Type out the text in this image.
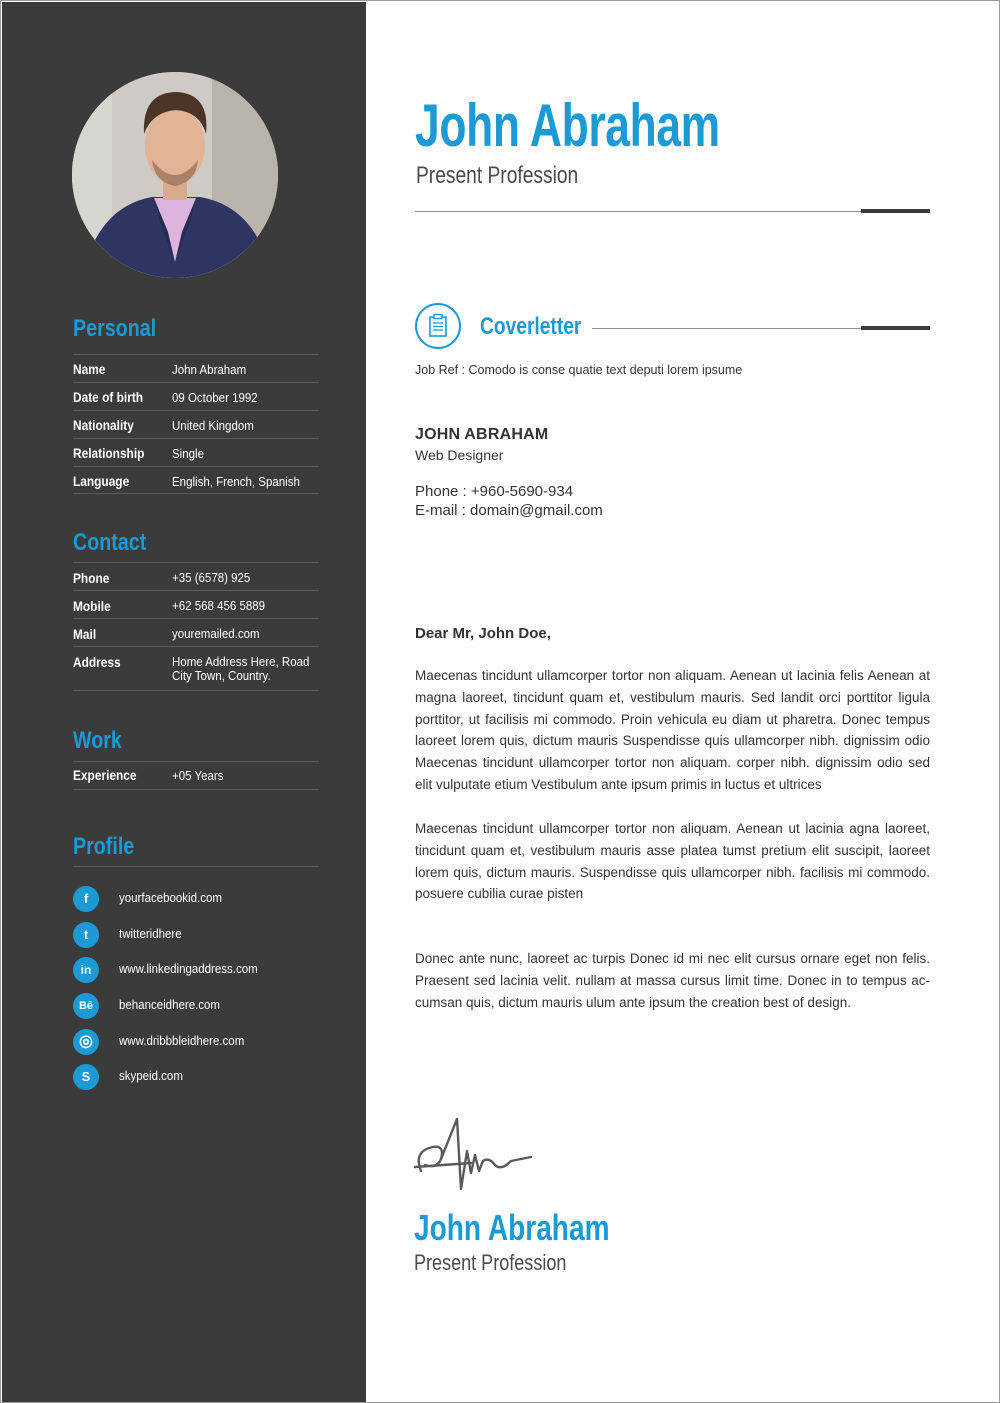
Personal
Name	John Abraham
Date of birth 09 October 1992
Nationality	United Kingdom
Relationship Single
Language	English, French, Spanish
Contact
Phone	+35 (6578) 925
Mobile	+62 568 456 5889
Mail	youremailed.com
Address	Home Address Here, Road City Town, Country.
Work
Experience	+05 Years
Profile
f	yourfacebookid.com
t	twitteridhere
in	www.linkedingaddress.com
Bē	behanceidhere.com
◎	www.dribbbleidhere.com
S	skypeid.com
John Abraham
Present Profession
Coverletter
Job Ref : Comodo is conse quatie text deputi lorem ipsume
JOHN ABRAHAM
Web Designer
Phone : +960-5690-934
E-mail : domain@gmail.com
Dear Mr, John Doe,
Maecenas tincidunt ullamcorper tortor non aliquam. Aenean ut lacinia felis Aenean at magna laoreet, tincidunt quam et, vestibulum mauris. Sed landit orci porttitor ligula porttitor, ut facilisis mi commodo. Proin vehicula eu diam ut pharetra. Donec tempus laoreet lorem quis, dictum mauris Suspendisse quis ullamcorper nibh. dignissim odio Maecenas tincidunt ullamcorper tortor non aliquam. corper nibh. dignissim odio sed elit vulputate etium Vestibulum ante ipsum primis in luctus et ultrices
Maecenas tincidunt ullamcorper tortor non aliquam. Aenean ut lacinia agna laoreet, tincidunt quam et, vestibulum mauris asse platea tumst pretium elit suscipit, laoreet lorem quis, dictum mauris. Suspendisse quis ullamcorper nibh. facilisis mi commodo. posuere cubilia curae pisten
Donec ante nunc, laoreet ac turpis Donec id mi nec elit cursus ornare eget non felis. Praesent sed lacinia velit. nullam at massa cursus limit time. Donec in to tempus ac-cumsan quis, dictum mauris ulum ante ipsum the creation best of design.
John Abraham
Present Profession
